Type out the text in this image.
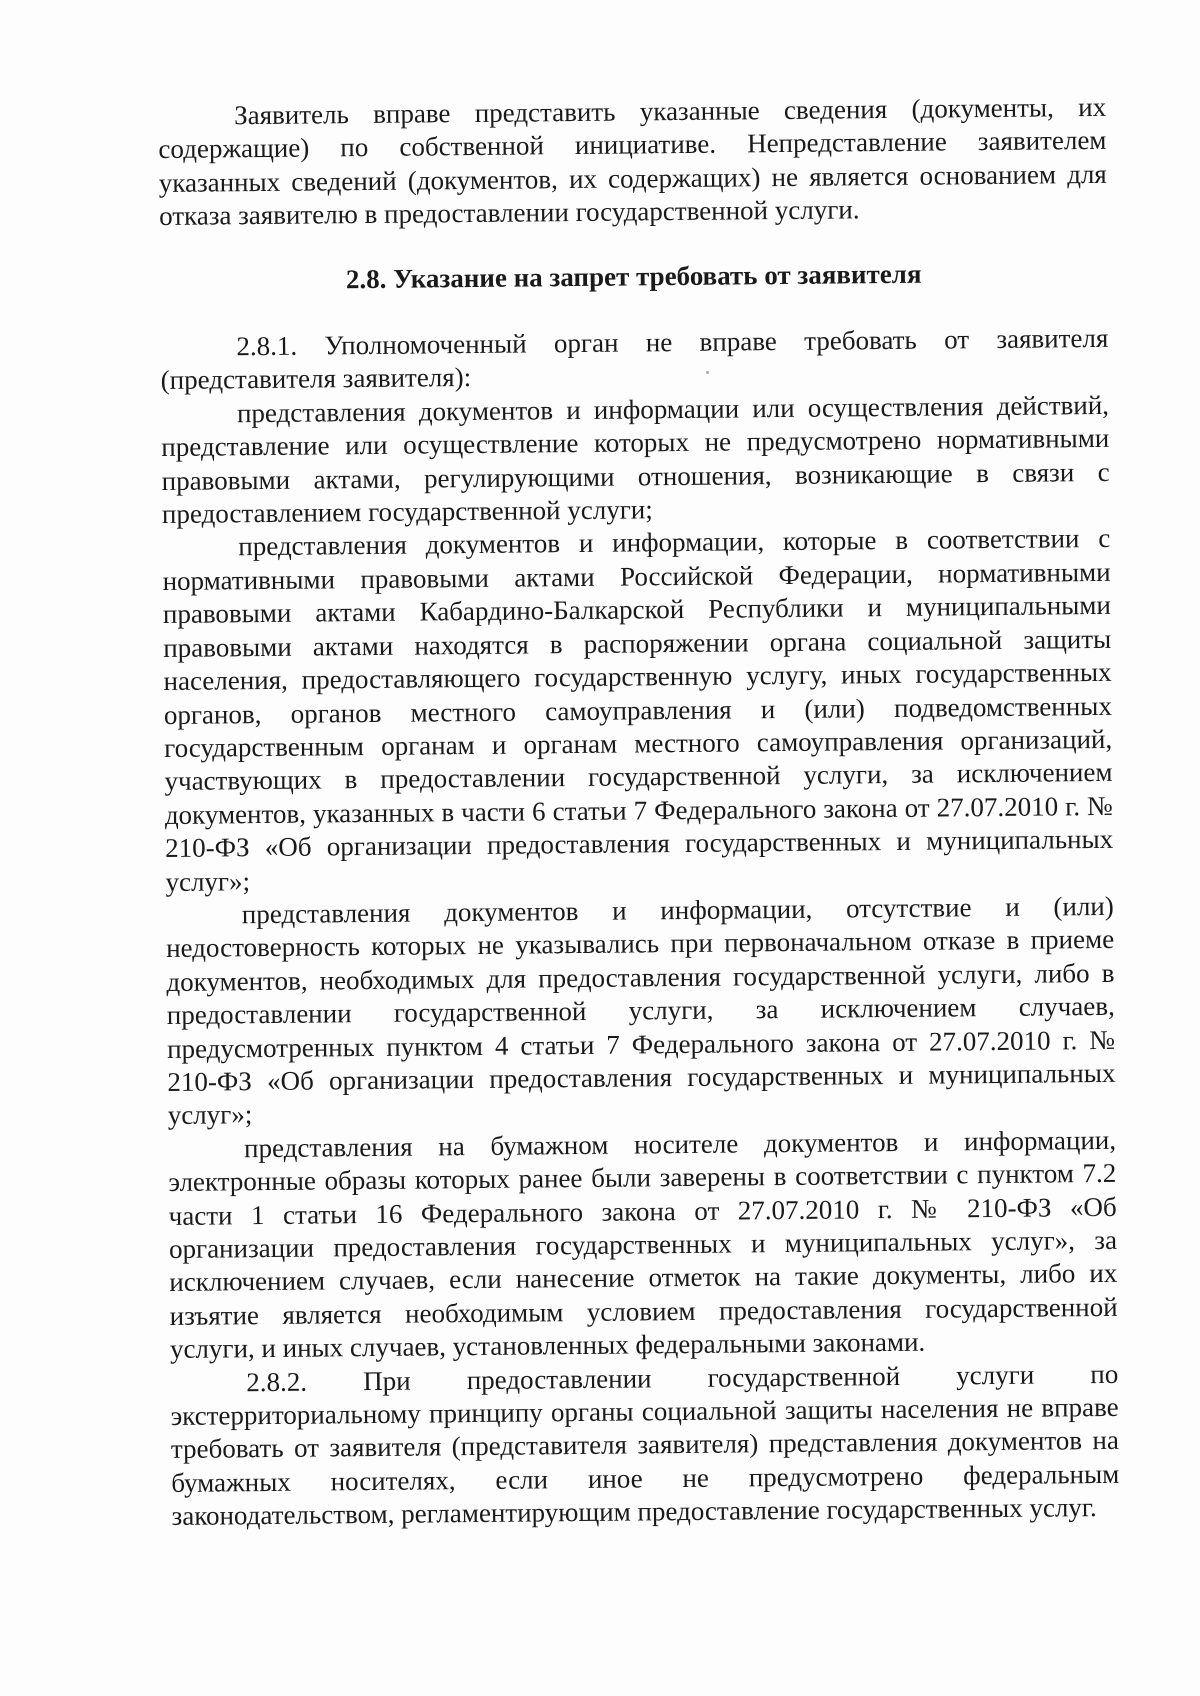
Заявитель вправе представить указанные сведения (документы, их содержащие) по собственной инициативе. Непредставление заявителем указанных сведений (документов, их содержащих) не является основанием для отказа заявителю в предоставлении государственной услуги.

2.8. Указание на запрет требовать от заявителя

2.8.1. Уполномоченный орган не вправе требовать от заявителя (представителя заявителя):

представления документов и информации или осуществления действий, представление или осуществление которых не предусмотрено нормативными правовыми актами, регулирующими отношения, возникающие в связи с предоставлением государственной услуги;

представления документов и информации, которые в соответствии с нормативными правовыми актами Российской Федерации, нормативными правовыми актами Кабардино-Балкарской Республики и муниципальными правовыми актами находятся в распоряжении органа социальной защиты населения, предоставляющего государственную услугу, иных государственных органов, органов местного самоуправления и (или) подведомственных государственным органам и органам местного самоуправления организаций, участвующих в предоставлении государственной услуги, за исключением документов, указанных в части 6 статьи 7 Федерального закона от 27.07.2010 г. № 210-ФЗ «Об организации предоставления государственных и муниципальных услуг»;

представления документов и информации, отсутствие и (или) недостоверность которых не указывались при первоначальном отказе в приеме документов, необходимых для предоставления государственной услуги, либо в предоставлении государственной услуги, за исключением случаев, предусмотренных пунктом 4 статьи 7 Федерального закона от 27.07.2010 г. № 210-ФЗ «Об организации предоставления государственных и муниципальных услуг»;

представления на бумажном носителе документов и информации, электронные образы которых ранее были заверены в соответствии с пунктом 7.2 части 1 статьи 16 Федерального закона от 27.07.2010 г. № 210-ФЗ «Об организации предоставления государственных и муниципальных услуг», за исключением случаев, если нанесение отметок на такие документы, либо их изъятие является необходимым условием предоставления государственной услуги, и иных случаев, установленных федеральными законами.

2.8.2. При предоставлении государственной услуги по экстерриториальному принципу органы социальной защиты населения не вправе требовать от заявителя (представителя заявителя) представления документов на бумажных носителях, если иное не предусмотрено федеральным законодательством, регламентирующим предоставление государственных услуг.
